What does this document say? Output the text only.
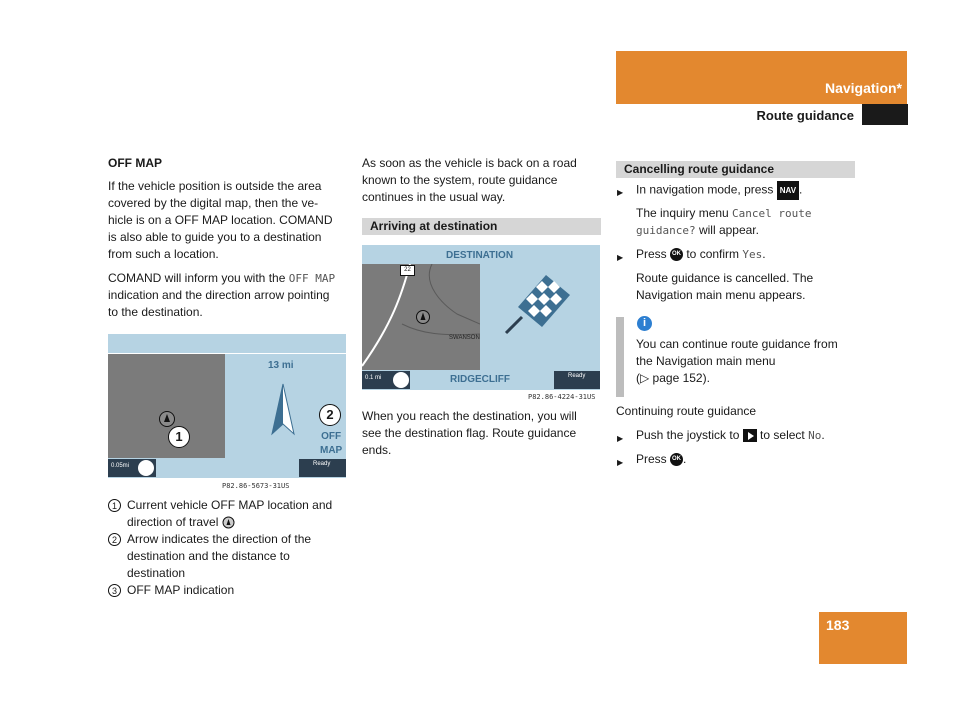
Navigation*
Route guidance
OFF MAP
If the vehicle position is outside the area
covered by the digital map, then the ve-
hicle is on a OFF MAP location. COMAND
is also able to guide you to a destination
from such a location.
COMAND will inform you with the OFF MAP
indication and the direction arrow pointing
to the destination.
13 mi
2
OFF
MAP
1
0.05mi	Ready
P82.86-5673-31US
1 Current vehicle OFF MAP location and
direction of travel
2 Arrow indicates the direction of the
destination and the distance to
destination
3 OFF MAP indication
As soon as the vehicle is back on a road
known to the system, route guidance
continues in the usual way.
Arriving at destination
DESTINATION
22
SWANSON
0.1 mi	RIDGECLIFF	Ready
P82.86-4224-31US
When you reach the destination, you will
see the destination flag. Route guidance
ends.
Cancelling route guidance
▶ In navigation mode, press NAV .
The inquiry menu Cancel route
guidance? will appear.
▶ Press OK to confirm Yes.
Route guidance is cancelled. The
Navigation main menu appears.
i
You can continue route guidance from
the Navigation main menu
(▷ page 152).
Continuing route guidance
▶ Push the joystick to  to select No.
▶ Press OK .
183
